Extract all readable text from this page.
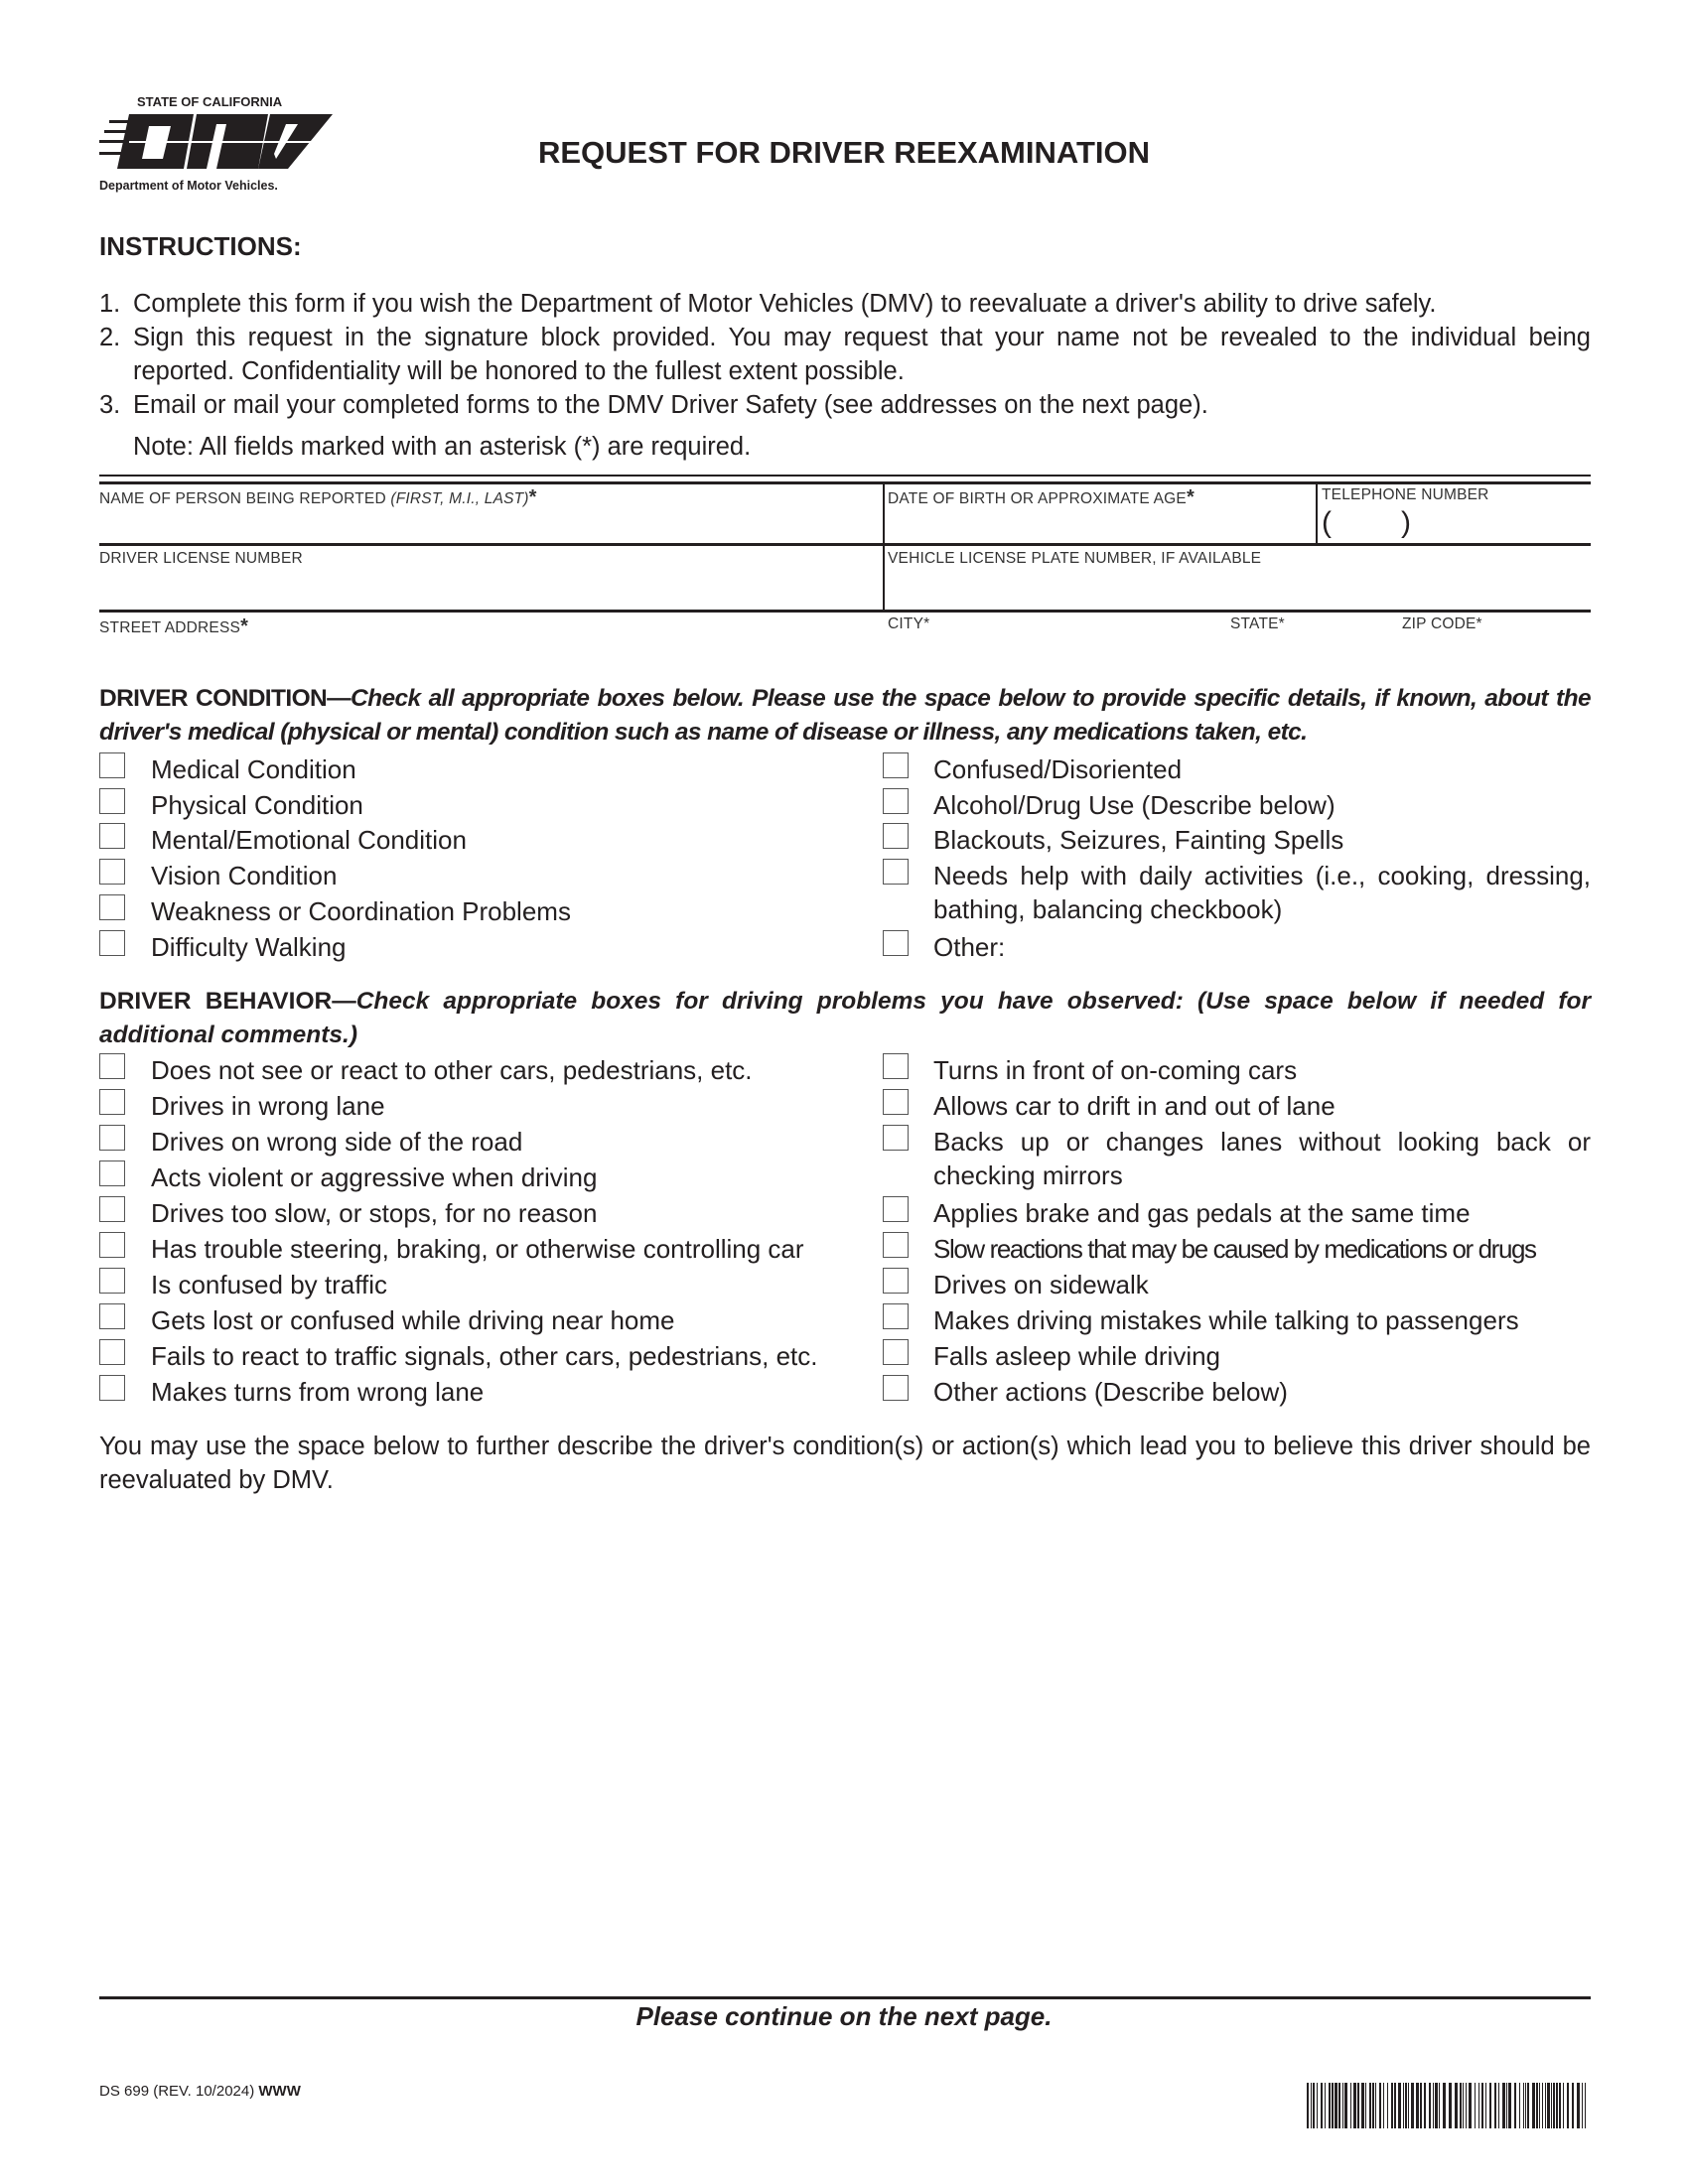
STATE OF CALIFORNIA
Department of Motor Vehicles.
REQUEST FOR DRIVER REEXAMINATION
INSTRUCTIONS:
1. Complete this form if you wish the Department of Motor Vehicles (DMV) to reevaluate a driver's ability to drive safely.
2. Sign this request in the signature block provided. You may request that your name not be revealed to the individual being reported. Confidentiality will be honored to the fullest extent possible.
3. Email or mail your completed forms to the DMV Driver Safety (see addresses on the next page).
Note: All fields marked with an asterisk (*) are required.
NAME OF PERSON BEING REPORTED (FIRST, M.I., LAST)*	DATE OF BIRTH OR APPROXIMATE AGE*	TELEPHONE NUMBER
( )
DRIVER LICENSE NUMBER	VEHICLE LICENSE PLATE NUMBER, IF AVAILABLE
STREET ADDRESS*	CITY*	STATE*	ZIP CODE*
DRIVER CONDITION—Check all appropriate boxes below. Please use the space below to provide specific details, if known, about the driver's medical (physical or mental) condition such as name of disease or illness, any medications taken, etc.
Medical Condition
Physical Condition
Mental/Emotional Condition
Vision Condition
Weakness or Coordination Problems
Difficulty Walking
Confused/Disoriented
Alcohol/Drug Use (Describe below)
Blackouts, Seizures, Fainting Spells
Needs help with daily activities (i.e., cooking, dressing, bathing, balancing checkbook)
Other:
DRIVER BEHAVIOR—Check appropriate boxes for driving problems you have observed: (Use space below if needed for additional comments.)
Does not see or react to other cars, pedestrians, etc.
Drives in wrong lane
Drives on wrong side of the road
Acts violent or aggressive when driving
Drives too slow, or stops, for no reason
Has trouble steering, braking, or otherwise controlling car
Is confused by traffic
Gets lost or confused while driving near home
Fails to react to traffic signals, other cars, pedestrians, etc.
Makes turns from wrong lane
Turns in front of on-coming cars
Allows car to drift in and out of lane
Backs up or changes lanes without looking back or checking mirrors
Applies brake and gas pedals at the same time
Slow reactions that may be caused by medications or drugs
Drives on sidewalk
Makes driving mistakes while talking to passengers
Falls asleep while driving
Other actions (Describe below)
You may use the space below to further describe the driver's condition(s) or action(s) which lead you to believe this driver should be reevaluated by DMV.
Please continue on the next page.
DS 699 (REV. 10/2024) WWW
